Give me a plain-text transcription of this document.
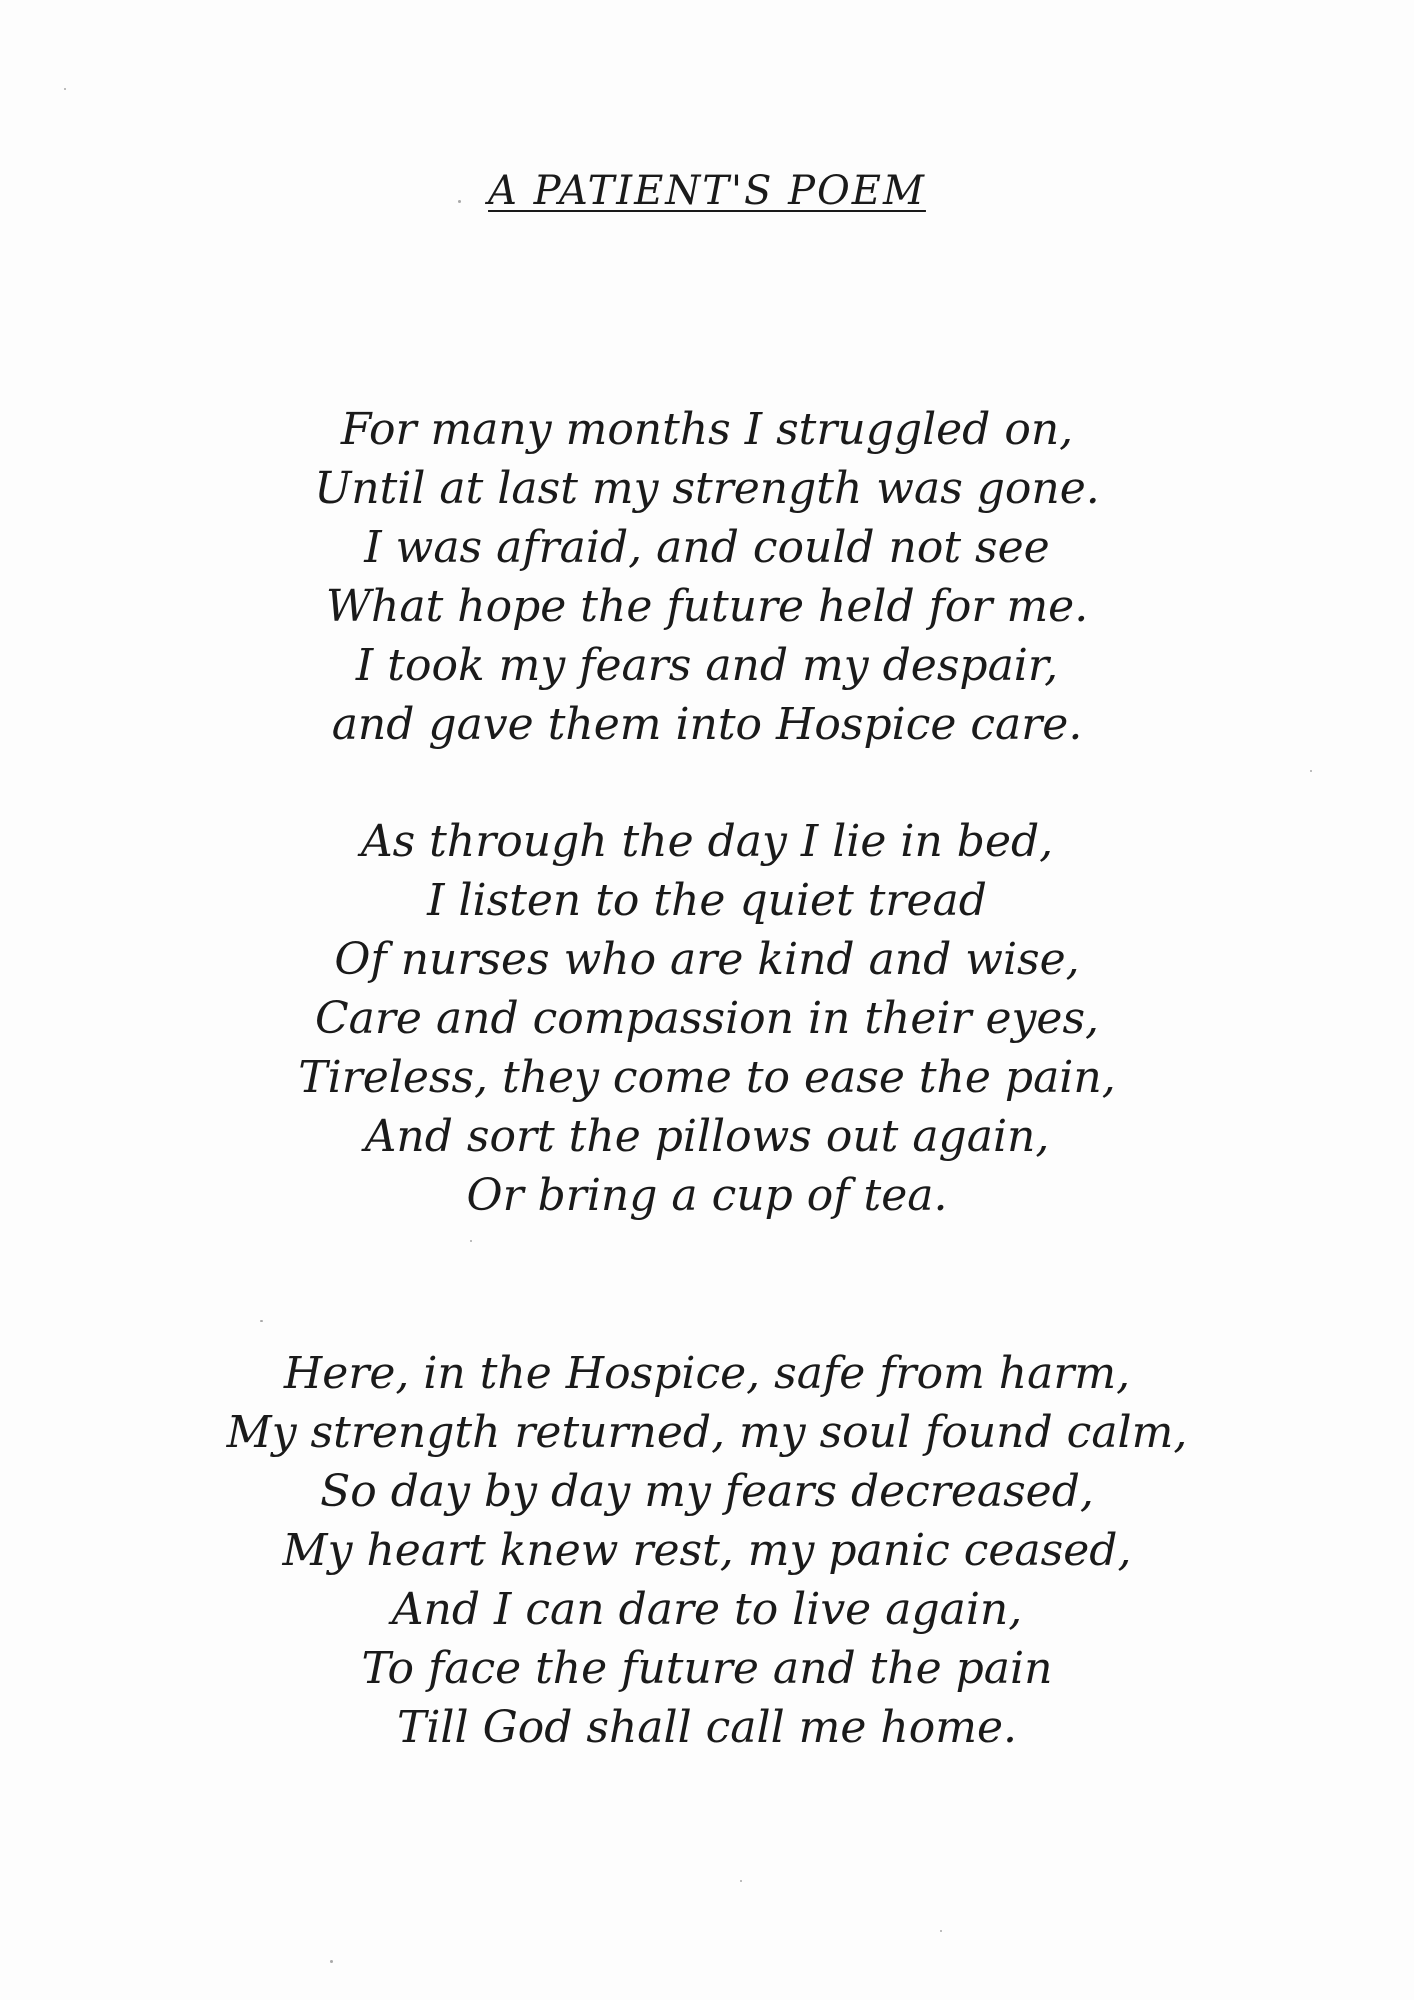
A PATIENT'S POEM
For many months I struggled on,
Until at last my strength was gone.
I was afraid, and could not see
What hope the future held for me.
I took my fears and my despair,
and gave them into Hospice care.
As through the day I lie in bed,
I listen to the quiet tread
Of nurses who are kind and wise,
Care and compassion in their eyes,
Tireless, they come to ease the pain,
And sort the pillows out again,
Or bring a cup of tea.
Here, in the Hospice, safe from harm,
My strength returned, my soul found calm,
So day by day my fears decreased,
My heart knew rest, my panic ceased,
And I can dare to live again,
To face the future and the pain
Till God shall call me home.
